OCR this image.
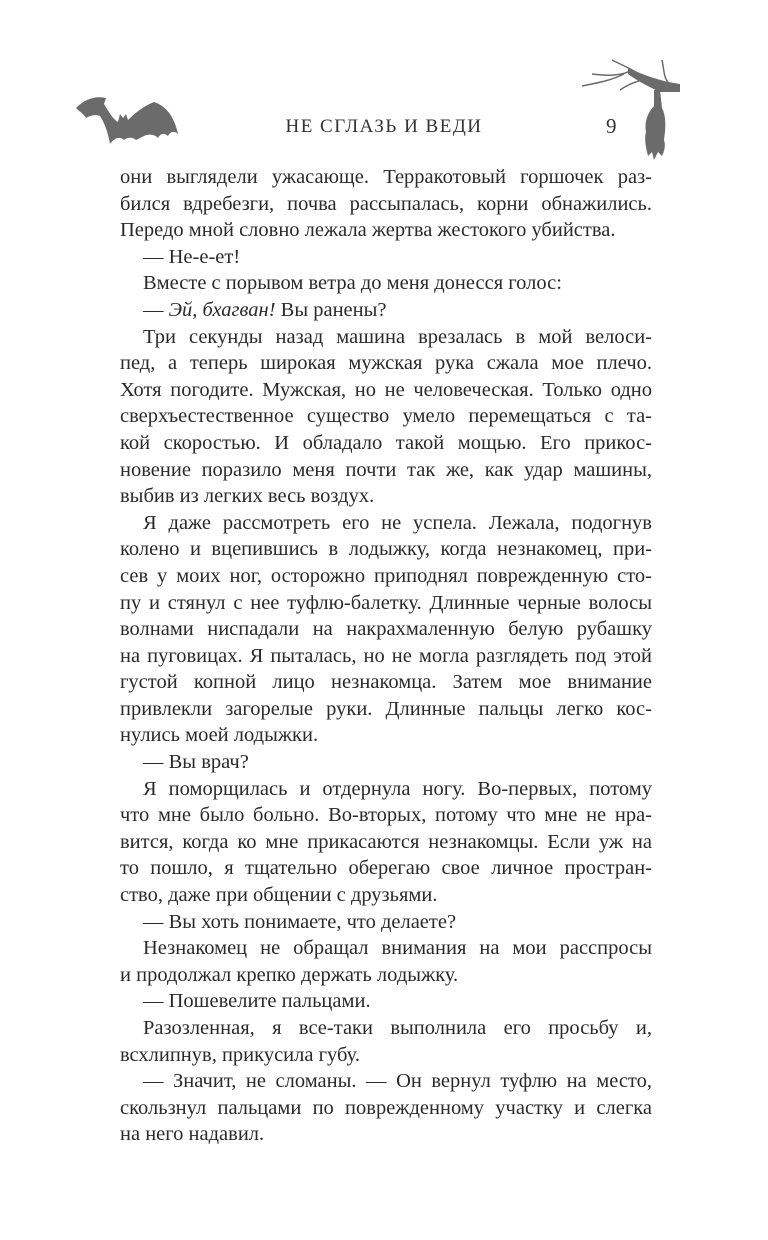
НЕ СГЛАЗЬ И ВЕДИ	9
они выглядели ужасающе. Терракотовый горшочек раз-
бился вдребезги, почва рассыпалась, корни обнажились.
Передо мной словно лежала жертва жестокого убийства.
— Не-е-ет!
Вместе с порывом ветра до меня донесся голос:
— Эй, бхагван! Вы ранены?
Три секунды назад машина врезалась в мой велоси-
пед, а теперь широкая мужская рука сжала мое плечо.
Хотя погодите. Мужская, но не человеческая. Только одно
сверхъестественное существо умело перемещаться с та-
кой скоростью. И обладало такой мощью. Его прикос-
новение поразило меня почти так же, как удар машины,
выбив из легких весь воздух.
Я даже рассмотреть его не успела. Лежала, подогнув
колено и вцепившись в лодыжку, когда незнакомец, при-
сев у моих ног, осторожно приподнял поврежденную сто-
пу и стянул с нее туфлю-балетку. Длинные черные волосы
волнами ниспадали на накрахмаленную белую рубашку
на пуговицах. Я пыталась, но не могла разглядеть под этой
густой копной лицо незнакомца. Затем мое внимание
привлекли загорелые руки. Длинные пальцы легко кос-
нулись моей лодыжки.
— Вы врач?
Я поморщилась и отдернула ногу. Во-первых, потому
что мне было больно. Во-вторых, потому что мне не нра-
вится, когда ко мне прикасаются незнакомцы. Если уж на
то пошло, я тщательно оберегаю свое личное простран-
ство, даже при общении с друзьями.
— Вы хоть понимаете, что делаете?
Незнакомец не обращал внимания на мои расспросы
и продолжал крепко держать лодыжку.
— Пошевелите пальцами.
Разозленная, я все-таки выполнила его просьбу и,
всхлипнув, прикусила губу.
— Значит, не сломаны. — Он вернул туфлю на место,
скользнул пальцами по поврежденному участку и слегка
на него надавил.
